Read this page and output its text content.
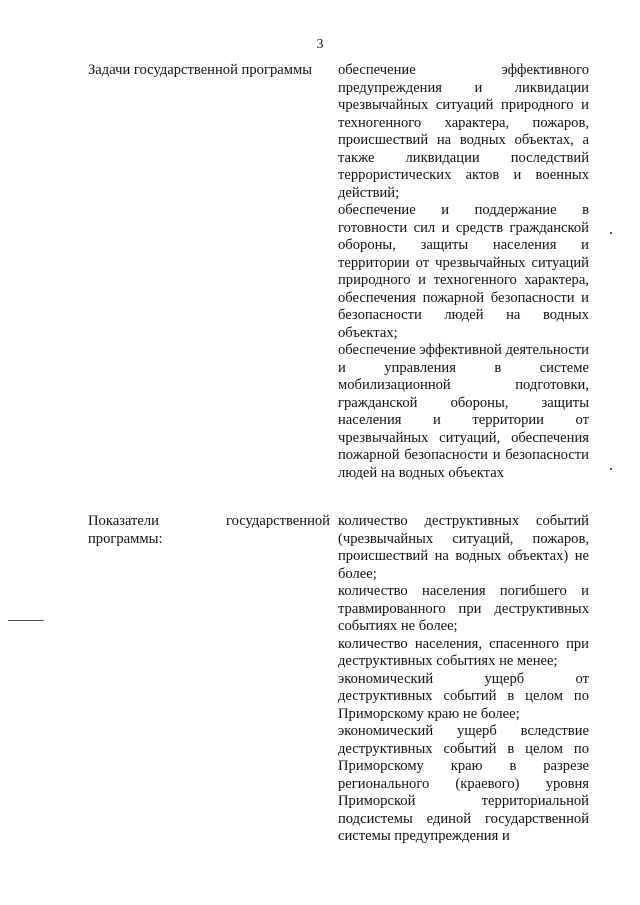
3
Задачи государственной программы	обеспечение эффективного предупреждения и ликвидации чрезвычайных ситуаций природного и техногенного характера, пожаров, происшествий на водных объектах, а также ликвидации последствий террористических актов и военных действий;

обеспечение и поддержание в готовности сил и средств гражданской обороны, защиты населения и территории от чрезвычайных ситуаций природного и техногенного характера, обеспечения пожарной безопасности и безопасности людей на водных объектах;

обеспечение эффективной деятельности и управления в системе мобилизационной подготовки, гражданской обороны, защиты населения и территории от чрезвычайных ситуаций, обеспечения пожарной безопасности и безопасности людей на водных объектах

Показатели государственной программы:

количество деструктивных событий (чрезвычайных ситуаций, пожаров, происшествий на водных объектах) не более;

количество населения погибшего и травмированного при деструктивных событиях не более;

количество населения, спасенного при деструктивных событиях не менее;

экономический ущерб от деструктивных событий в целом по Приморскому краю не более;

экономический ущерб вследствие деструктивных событий в целом по Приморскому краю в разрезе регионального (краевого) уровня Приморской территориальной подсистемы единой государственной системы предупреждения и
